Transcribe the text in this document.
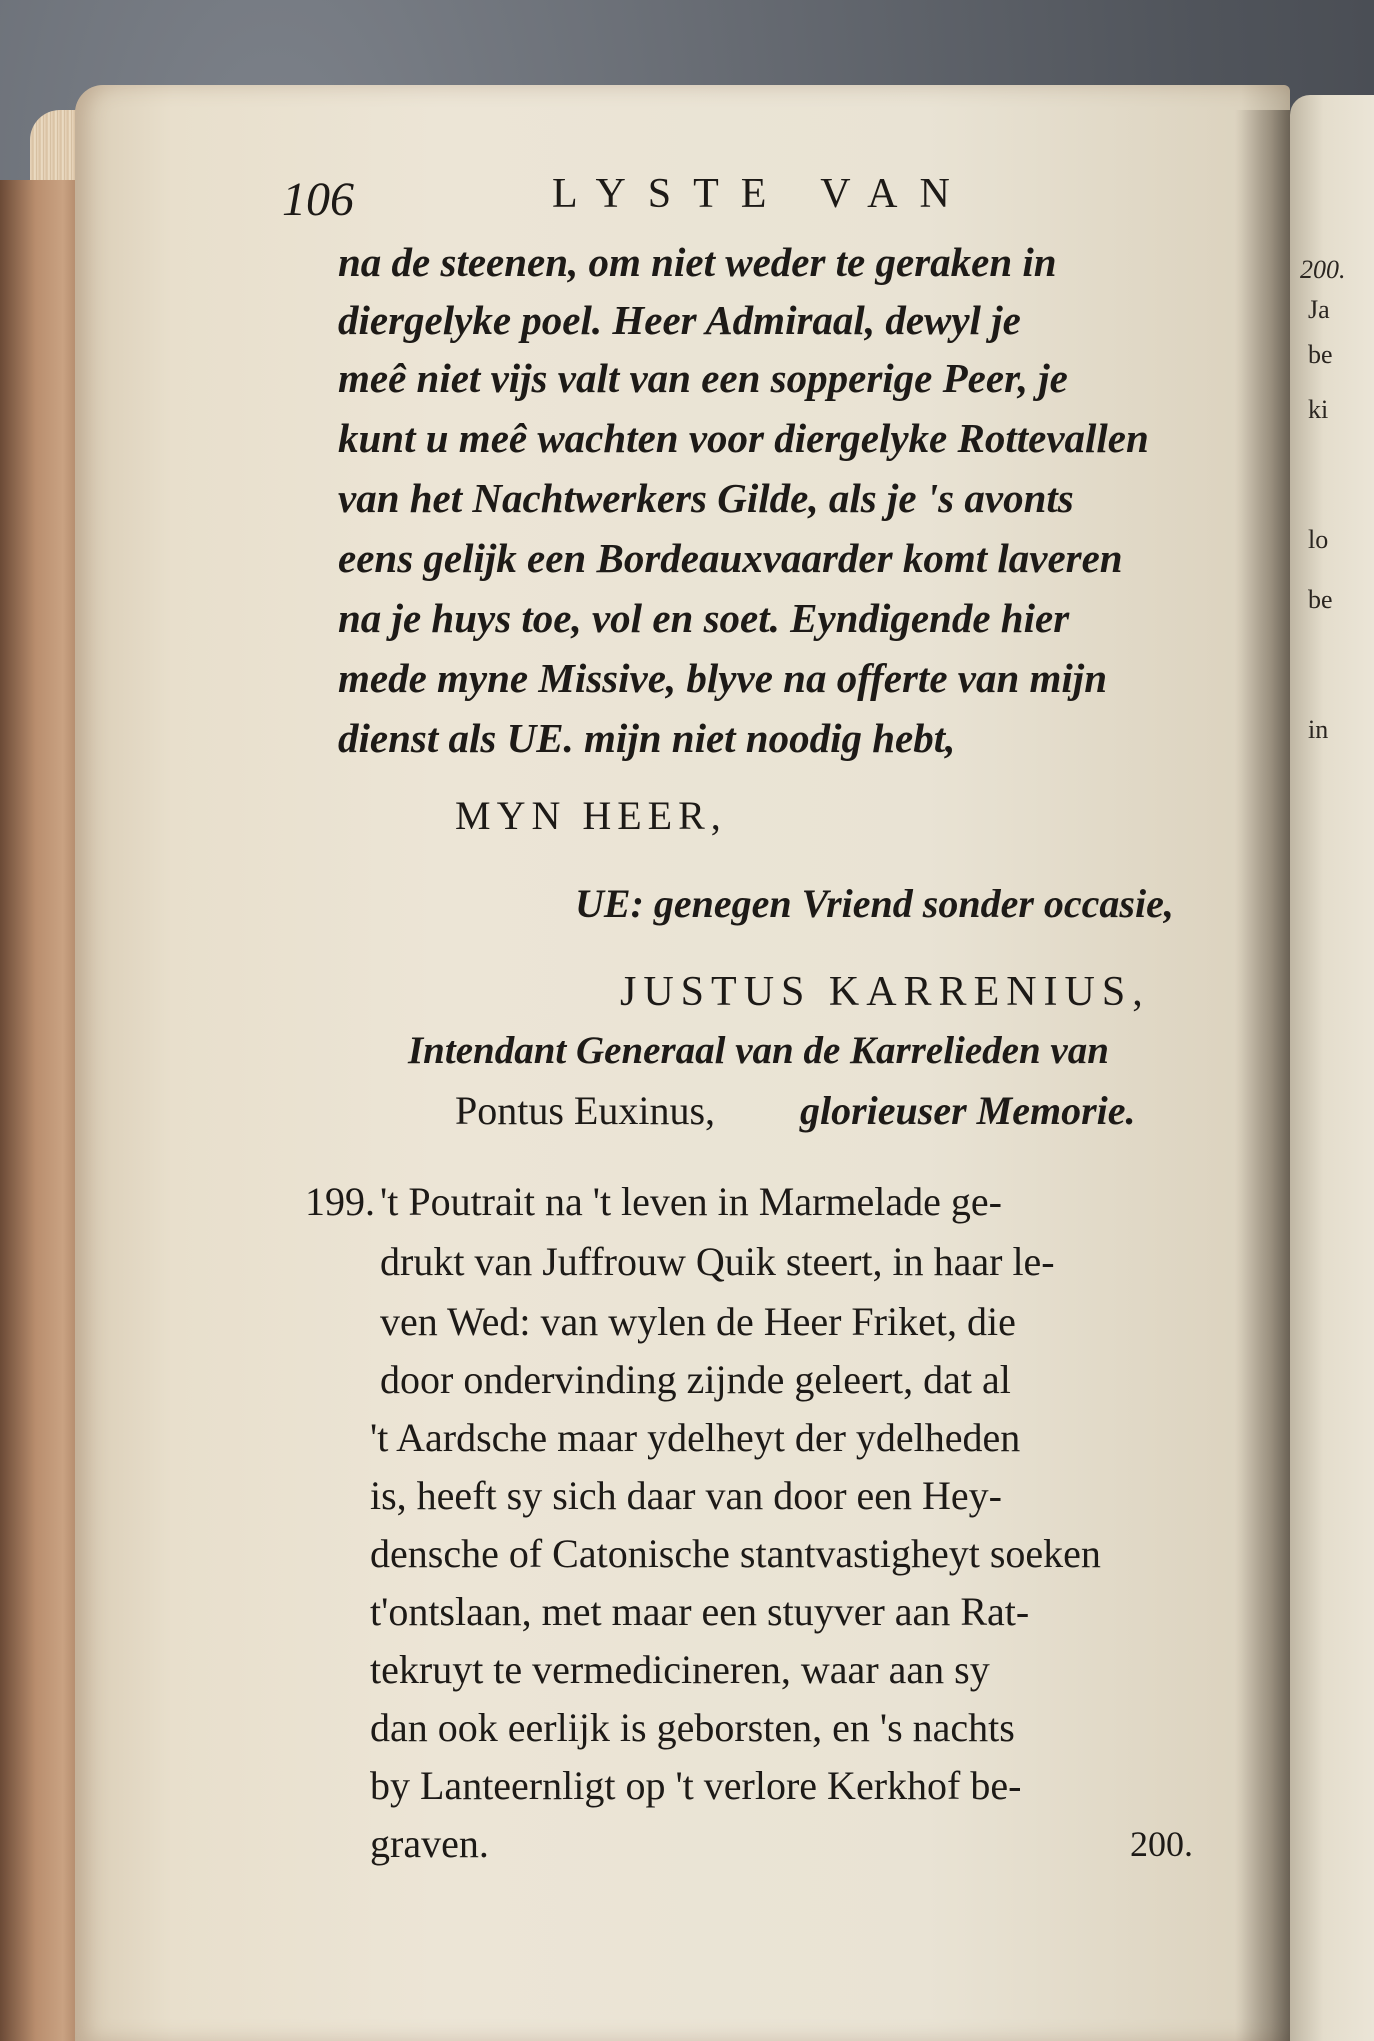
200.
Ja
be
ki
lo
be
in
106	LYSTE VAN
na de steenen, om niet weder te geraken in
diergelyke poel. Heer Admiraal, dewyl je
meê niet vijs valt van een sopperige Peer, je
kunt u meê wachten voor diergelyke Rottevallen
van het Nachtwerkers Gilde, als je 's avonts
eens gelijk een Bordeauxvaarder komt laveren
na je huys toe, vol en soet. Eyndigende hier
mede myne Missive, blyve na offerte van mijn
dienst als UE. mijn niet noodig hebt,
MYN HEER,
UE: genegen Vriend sonder occasie,
JUSTUS KARRENIUS,
Intendant Generaal van de Karrelieden van
Pontus Euxinus, glorieuser Memorie.
199. 't Poutrait na 't leven in Marmelade ge-
drukt van Juffrouw Quik steert, in haar le-
ven Wed: van wylen de Heer Friket, die
door ondervinding zijnde geleert, dat al
't Aardsche maar ydelheyt der ydelheden
is, heeft sy sich daar van door een Hey-
densche of Catonische stantvastigheyt soeken
t'ontslaan, met maar een stuyver aan Rat-
tekruyt te vermedicineren, waar aan sy
dan ook eerlijk is geborsten, en 's nachts
by Lanteernligt op 't verlore Kerkhof be-
graven.	200.
